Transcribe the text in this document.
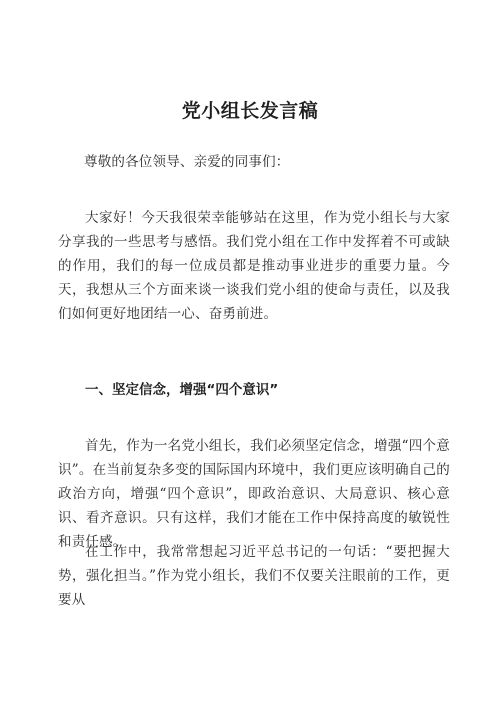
党小组长发言稿
尊敬的各位领导、亲爱的同事们：
大家好！今天我很荣幸能够站在这里，作为党小组长与大家分享我的一些思考与感悟。我们党小组在工作中发挥着不可或缺的作用，我们的每一位成员都是推动事业进步的重要力量。今天，我想从三个方面来谈一谈我们党小组的使命与责任，以及我们如何更好地团结一心、奋勇前进。
一、坚定信念，增强“四个意识”
首先，作为一名党小组长，我们必须坚定信念，增强“四个意识”。在当前复杂多变的国际国内环境中，我们更应该明确自己的政治方向，增强“四个意识”，即政治意识、大局意识、核心意识、看齐意识。只有这样，我们才能在工作中保持高度的敏锐性和责任感。
在工作中，我常常想起习近平总书记的一句话：“要把握大势，强化担当。”作为党小组长，我们不仅要关注眼前的工作，更要从
